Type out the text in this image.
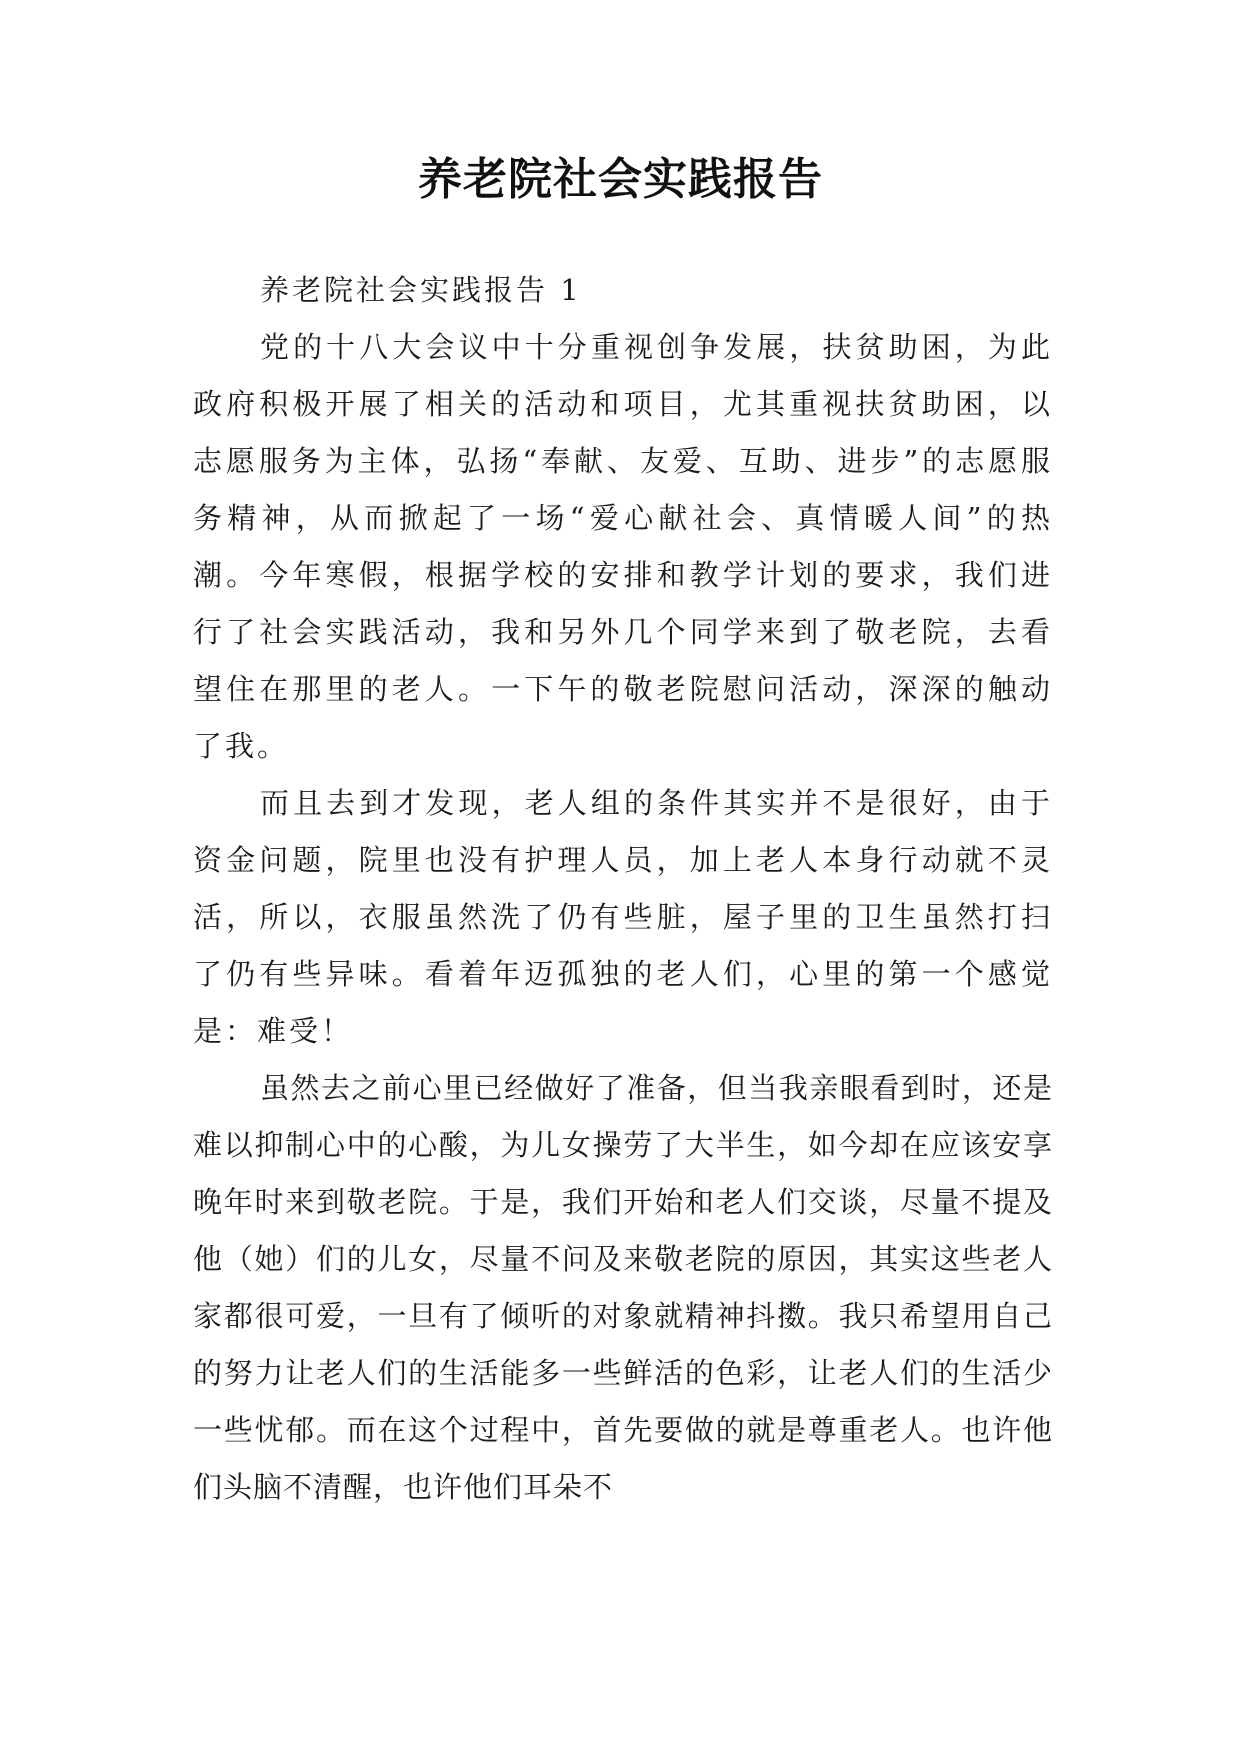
养老院社会实践报告

养老院社会实践报告 1

党的十八大会议中十分重视创争发展，扶贫助困，为此政府积极开展了相关的活动和项目，尤其重视扶贫助困，以志愿服务为主体，弘扬“奉献、友爱、互助、进步”的志愿服务精神，从而掀起了一场“爱心献社会、真情暖人间”的热潮。今年寒假，根据学校的安排和教学计划的要求，我们进行了社会实践活动，我和另外几个同学来到了敬老院，去看望住在那里的老人。一下午的敬老院慰问活动，深深的触动了我。

而且去到才发现，老人组的条件其实并不是很好，由于资金问题，院里也没有护理人员，加上老人本身行动就不灵活，所以，衣服虽然洗了仍有些脏，屋子里的卫生虽然打扫了仍有些异味。看着年迈孤独的老人们，心里的第一个感觉是：难受！

虽然去之前心里已经做好了准备，但当我亲眼看到时，还是难以抑制心中的心酸，为儿女操劳了大半生，如今却在应该安享晚年时来到敬老院。于是，我们开始和老人们交谈，尽量不提及他（她）们的儿女，尽量不问及来敬老院的原因，其实这些老人家都很可爱，一旦有了倾听的对象就精神抖擞。我只希望用自己的努力让老人们的生活能多一些鲜活的色彩，让老人们的生活少一些忧郁。而在这个过程中，首先要做的就是尊重老人。也许他们头脑不清醒，也许他们耳朵不
